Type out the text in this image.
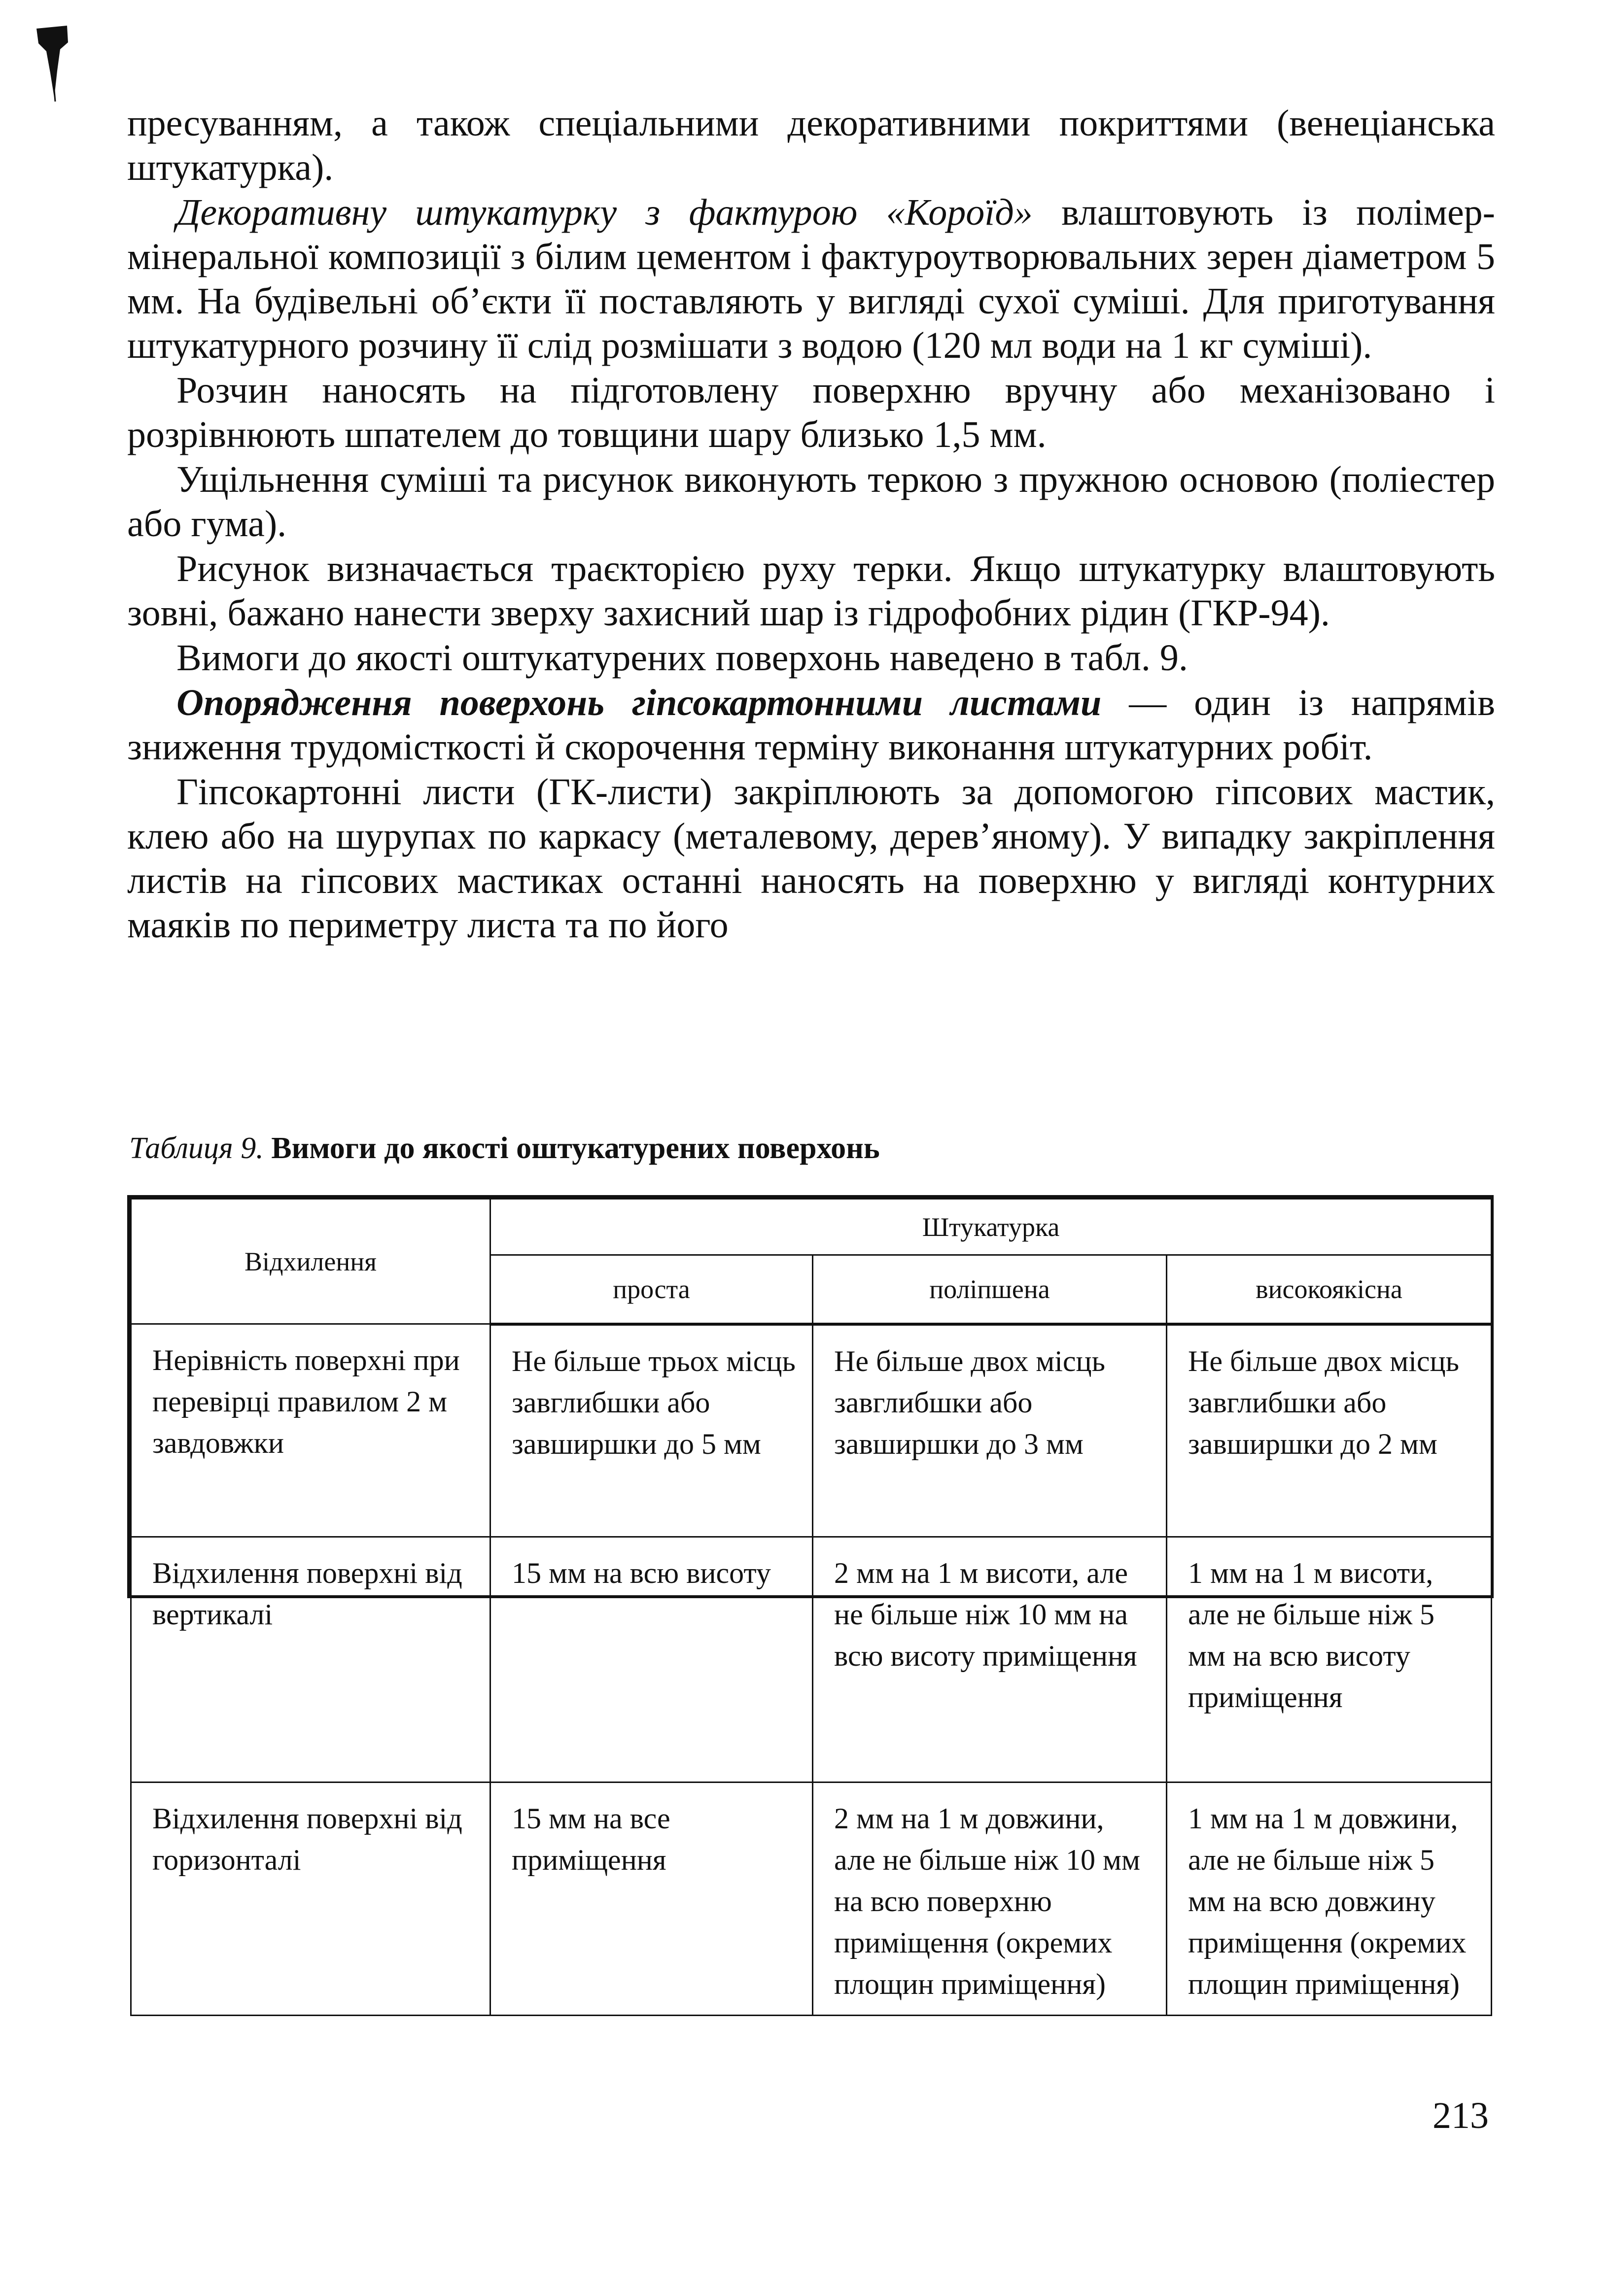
пресуванням, а також спеціальними декоративними покриттями (венеціанська штукатурка).

Декоративну штукатурку з фактурою «Короїд» влаштовують із полімер-мінеральної композиції з білим цементом і фактуроутворювальних зерен діаметром 5 мм. На будівельні об’єкти її поставляють у вигляді сухої суміші. Для приготування штукатурного розчину її слід розмішати з водою (120 мл води на 1 кг суміші).

Розчин наносять на підготовлену поверхню вручну або механізовано і розрівнюють шпателем до товщини шару близько 1,5 мм.

Ущільнення суміші та рисунок виконують теркою з пружною основою (поліестер або гума).

Рисунок визначається траєкторією руху терки. Якщо штукатурку влаштовують зовні, бажано нанести зверху захисний шар із гідрофобних рідин (ГКР-94).

Вимоги до якості оштукатурених поверхонь наведено в табл. 9.

Опорядження поверхонь гіпсокартонними листами — один із напрямів зниження трудомісткості й скорочення терміну виконання штукатурних робіт.

Гіпсокартонні листи (ГК-листи) закріплюють за допомогою гіпсових мастик, клею або на шурупах по каркасу (металевому, дерев’яному). У випадку закріплення листів на гіпсових мастиках останні наносять на поверхню у вигляді контурних маяків по периметру листа та по його

Таблиця 9. Вимоги до якості оштукатурених поверхонь
Відхилення	Штукатурка		
	проста	поліпшена	високоякісна
Нерівність поверхні при перевірці правилом 2 м завдовжки	Не більше трьох місць завглибшки або завширшки до 5 мм	Не більше двох місць завглибшки або завширшки до 3 мм	Не більше двох місць завглибшки або завширшки до 2 мм
Відхилення поверхні від вертикалі	15 мм на всю висоту	2 мм на 1 м висоти, але не більше ніж 10 мм на всю висоту приміщення	1 мм на 1 м висоти, але не більше ніж 5 мм на всю висоту приміщення
Відхилення поверхні від горизонталі	15 мм на все приміщення	2 мм на 1 м довжини, але не більше ніж 10 мм на всю поверхню приміщення (окремих площин приміщення)	1 мм на 1 м довжини, але не більше ніж 5 мм на всю довжину приміщення (окремих площин приміщення)
213
